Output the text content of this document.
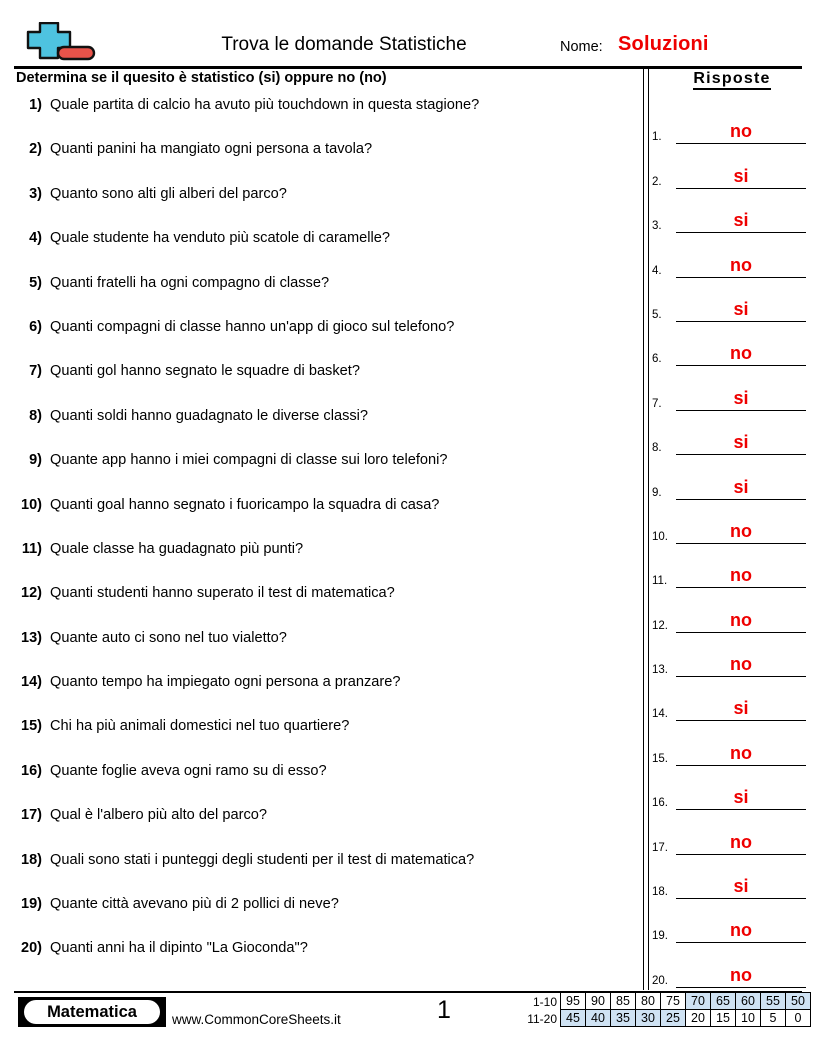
Trova le domande Statistiche	Nome: Soluzioni
Determina se il quesito è statistico (si) oppure no (no)
1) Quale partita di calcio ha avuto più touchdown in questa stagione?
2) Quanti panini ha mangiato ogni persona a tavola?
3) Quanto sono alti gli alberi del parco?
4) Quale studente ha venduto più scatole di caramelle?
5) Quanti fratelli ha ogni compagno di classe?
6) Quanti compagni di classe hanno un'app di gioco sul telefono?
7) Quanti gol hanno segnato le squadre di basket?
8) Quanti soldi hanno guadagnato le diverse classi?
9) Quante app hanno i miei compagni di classe sui loro telefoni?
10) Quanti goal hanno segnato i fuoricampo la squadra di casa?
11) Quale classe ha guadagnato più punti?
12) Quanti studenti hanno superato il test di matematica?
13) Quante auto ci sono nel tuo vialetto?
14) Quanto tempo ha impiegato ogni persona a pranzare?
15) Chi ha più animali domestici nel tuo quartiere?
16) Quante foglie aveva ogni ramo su di esso?
17) Qual è l'albero più alto del parco?
18) Quali sono stati i punteggi degli studenti per il test di matematica?
19) Quante città avevano più di 2 pollici di neve?
20) Quanti anni ha il dipinto "La Gioconda"?
Risposte
1.	no
2.	si
3.	si
4.	no
5.	si
6.	no
7.	si
8.	si
9.	si
10.	no
11.	no
12.	no
13.	no
14.	si
15.	no
16.	si
17.	no
18.	si
19.	no
20.	no
Matematica	www.CommonCoreSheets.it	1	1-10 95 90 85 80 75 70 65 60 55 50
11-20 45 40 35 30 25 20 15 10	5	0
